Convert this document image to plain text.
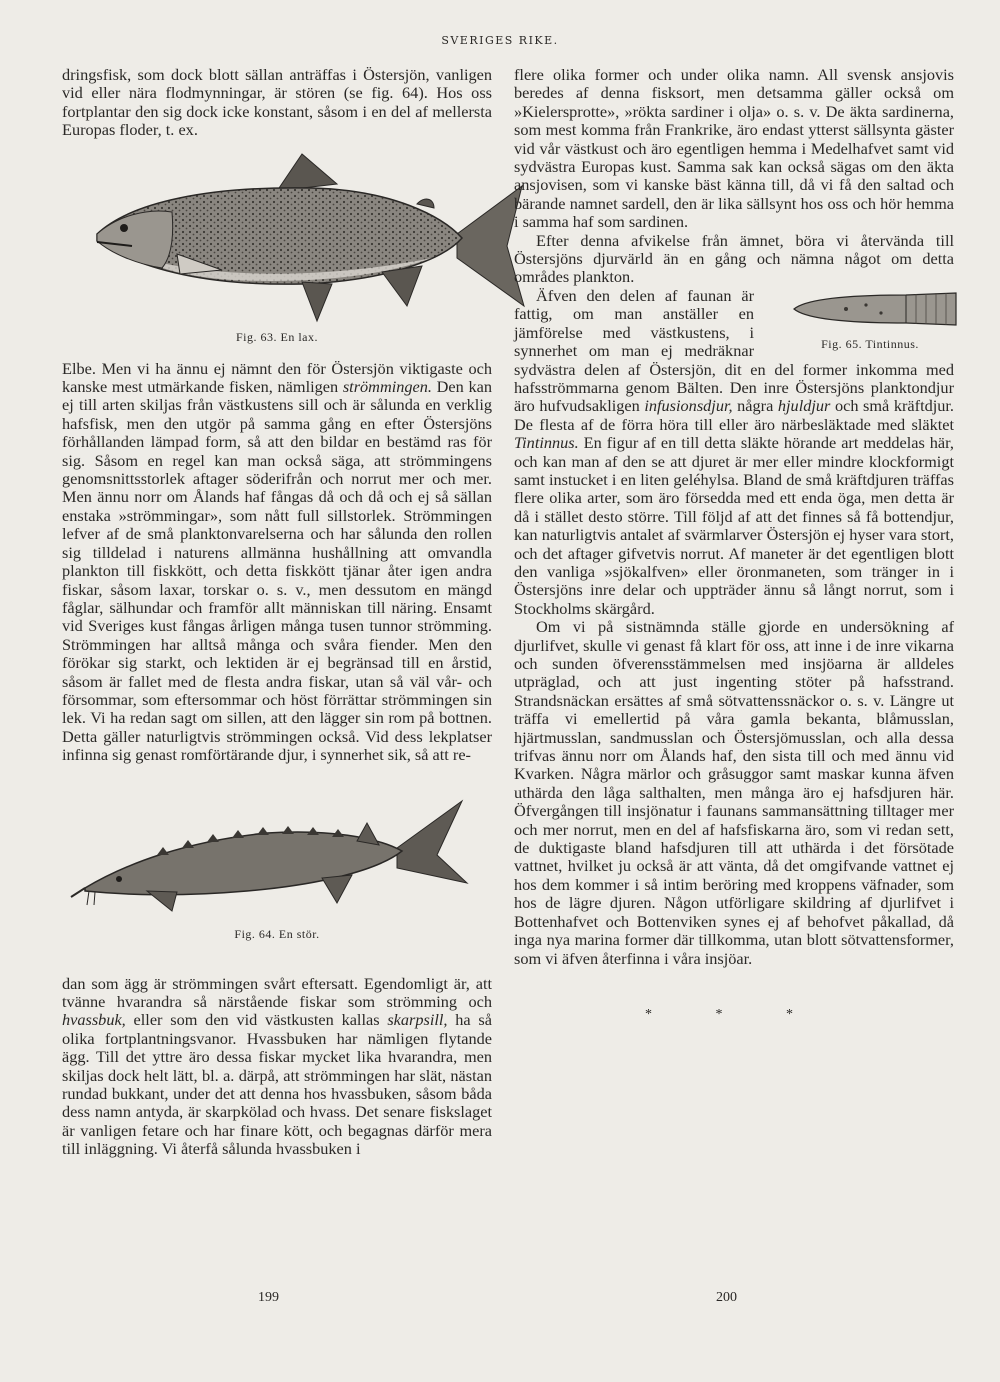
SVERIGES RIKE.

dringsfisk, som dock blott sällan anträffas i Östersjön, vanligen vid eller nära flodmynningar, är stören (se fig. 64). Hos oss fortplantar den sig dock icke konstant, såsom i en del af mellersta Europas floder, t. ex.

Fig. 63. En lax.

Elbe. Men vi ha ännu ej nämnt den för Östersjön viktigaste och kanske mest utmärkande fisken, nämligen strömmingen. Den kan ej till arten skiljas från västkustens sill och är sålunda en verklig hafsfisk, men den utgör på samma gång en efter Östersjöns förhållanden lämpad form, så att den bildar en bestämd ras för sig. Såsom en regel kan man också säga, att strömmingens genomsnittsstorlek aftager söderifrån och norrut mer och mer. Men ännu norr om Ålands haf fångas då och då och ej så sällan enstaka »strömmingar», som nått full sillstorlek. Strömmingen lefver af de små planktonvarelserna och har sålunda den rollen sig tilldelad i naturens allmänna hushållning att omvandla plankton till fiskkött, och detta fiskkött tjänar åter igen andra fiskar, såsom laxar, torskar o. s. v., men dessutom en mängd fåglar, sälhundar och framför allt människan till näring. Ensamt vid Sveriges kust fångas årligen många tusen tunnor strömming. Strömmingen har alltså många och svåra fiender. Men den förökar sig starkt, och lektiden är ej begränsad till en årstid, såsom är fallet med de flesta andra fiskar, utan så väl vår- och försommar, som eftersommar och höst förrättar strömmingen sin lek. Vi ha redan sagt om sillen, att den lägger sin rom på bottnen. Detta gäller naturligtvis strömmingen också. Vid dess lekplatser infinna sig genast romförtärande djur, i synnerhet sik, så att re-

Fig. 64. En stör.

dan som ägg är strömmingen svårt eftersatt. Egendomligt är, att tvänne hvarandra så närstående fiskar som strömming och hvassbuk, eller som den vid västkusten kallas skarpsill, ha så olika fortplantningsvanor. Hvassbuken har nämligen flytande ägg. Till det yttre äro dessa fiskar mycket lika hvarandra, men skiljas dock helt lätt, bl. a. därpå, att strömmingen har slät, nästan rundad bukkant, under det att denna hos hvassbuken, såsom båda dess namn antyda, är skarpkölad och hvass. Det senare fiskslaget är vanligen fetare och har finare kött, och begagnas därför mera till inläggning. Vi återfå sålunda hvassbuken i

flere olika former och under olika namn. All svensk ansjovis beredes af denna fisksort, men detsamma gäller också om »Kielersprotte», »rökta sardiner i olja» o. s. v. De äkta sardinerna, som mest komma från Frankrike, äro endast ytterst sällsynta gäster vid vår västkust och äro egentligen hemma i Medelhafvet samt vid sydvästra Europas kust. Samma sak kan också sägas om den äkta ansjovisen, som vi kanske bäst känna till, då vi få den saltad och bärande namnet sardell, den är lika sällsynt hos oss och hör hemma i samma haf som sardinen.

Efter denna afvikelse från ämnet, böra vi återvända till Östersjöns djurvärld än en gång och nämna något om detta områdes plankton.

Fig. 65. Tintinnus.
Äfven den delen af faunan är fattig, om man anställer en jämförelse med västkustens, i synnerhet om man ej medräknar sydvästra delen af Östersjön, dit en del former inkomma med hafsströmmarna genom Bälten. Den inre Östersjöns planktondjur äro hufvudsakligen infusionsdjur, några hjuldjur och små kräftdjur. De flesta af de förra höra till eller äro närbesläktade med släktet Tintinnus. En figur af en till detta släkte hörande art meddelas här, och kan man af den se att djuret är mer eller mindre klockformigt samt instucket i en liten geléhylsa. Bland de små kräftdjuren träffas flere olika arter, som äro försedda med ett enda öga, men detta är då i stället desto större. Till följd af att det finnes så få bottendjur, kan naturligtvis antalet af svärmlarver Östersjön ej hyser vara stort, och det aftager gifvetvis norrut. Af maneter är det egentligen blott den vanliga »sjökalfven» eller öronmaneten, som tränger in i Östersjöns inre delar och uppträder ännu så långt norrut, som i Stockholms skärgård.

Om vi på sistnämnda ställe gjorde en undersökning af djurlifvet, skulle vi genast få klart för oss, att inne i de inre vikarna och sunden öfverensstämmelsen med insjöarna är alldeles utpräglad, och att just ingenting stöter på hafsstrand. Strandsnäckan ersättes af små sötvattenssnäckor o. s. v. Längre ut träffa vi emellertid på våra gamla bekanta, blåmusslan, hjärtmusslan, sandmusslan och Östersjömusslan, och alla dessa trifvas ännu norr om Ålands haf, den sista till och med ännu vid Kvarken. Några märlor och gråsuggor samt maskar kunna äfven uthärda den låga salthalten, men många äro ej hafsdjuren här. Öfvergången till insjönatur i faunans sammansättning tilltager mer och mer norrut, men en del af hafsfiskarna äro, som vi redan sett, de duktigaste bland hafsdjuren till att uthärda i det försötade vattnet, hvilket ju också är att vänta, då det omgifvande vattnet ej hos dem kommer i så intim beröring med kroppens väfnader, som hos de lägre djuren. Någon utförligare skildring af djurlifvet i Bottenhafvet och Bottenviken synes ej af behofvet påkallad, då inga nya marina former där tillkomma, utan blott sötvattensformer, som vi äfven återfinna i våra insjöar.

* * *
199	200
